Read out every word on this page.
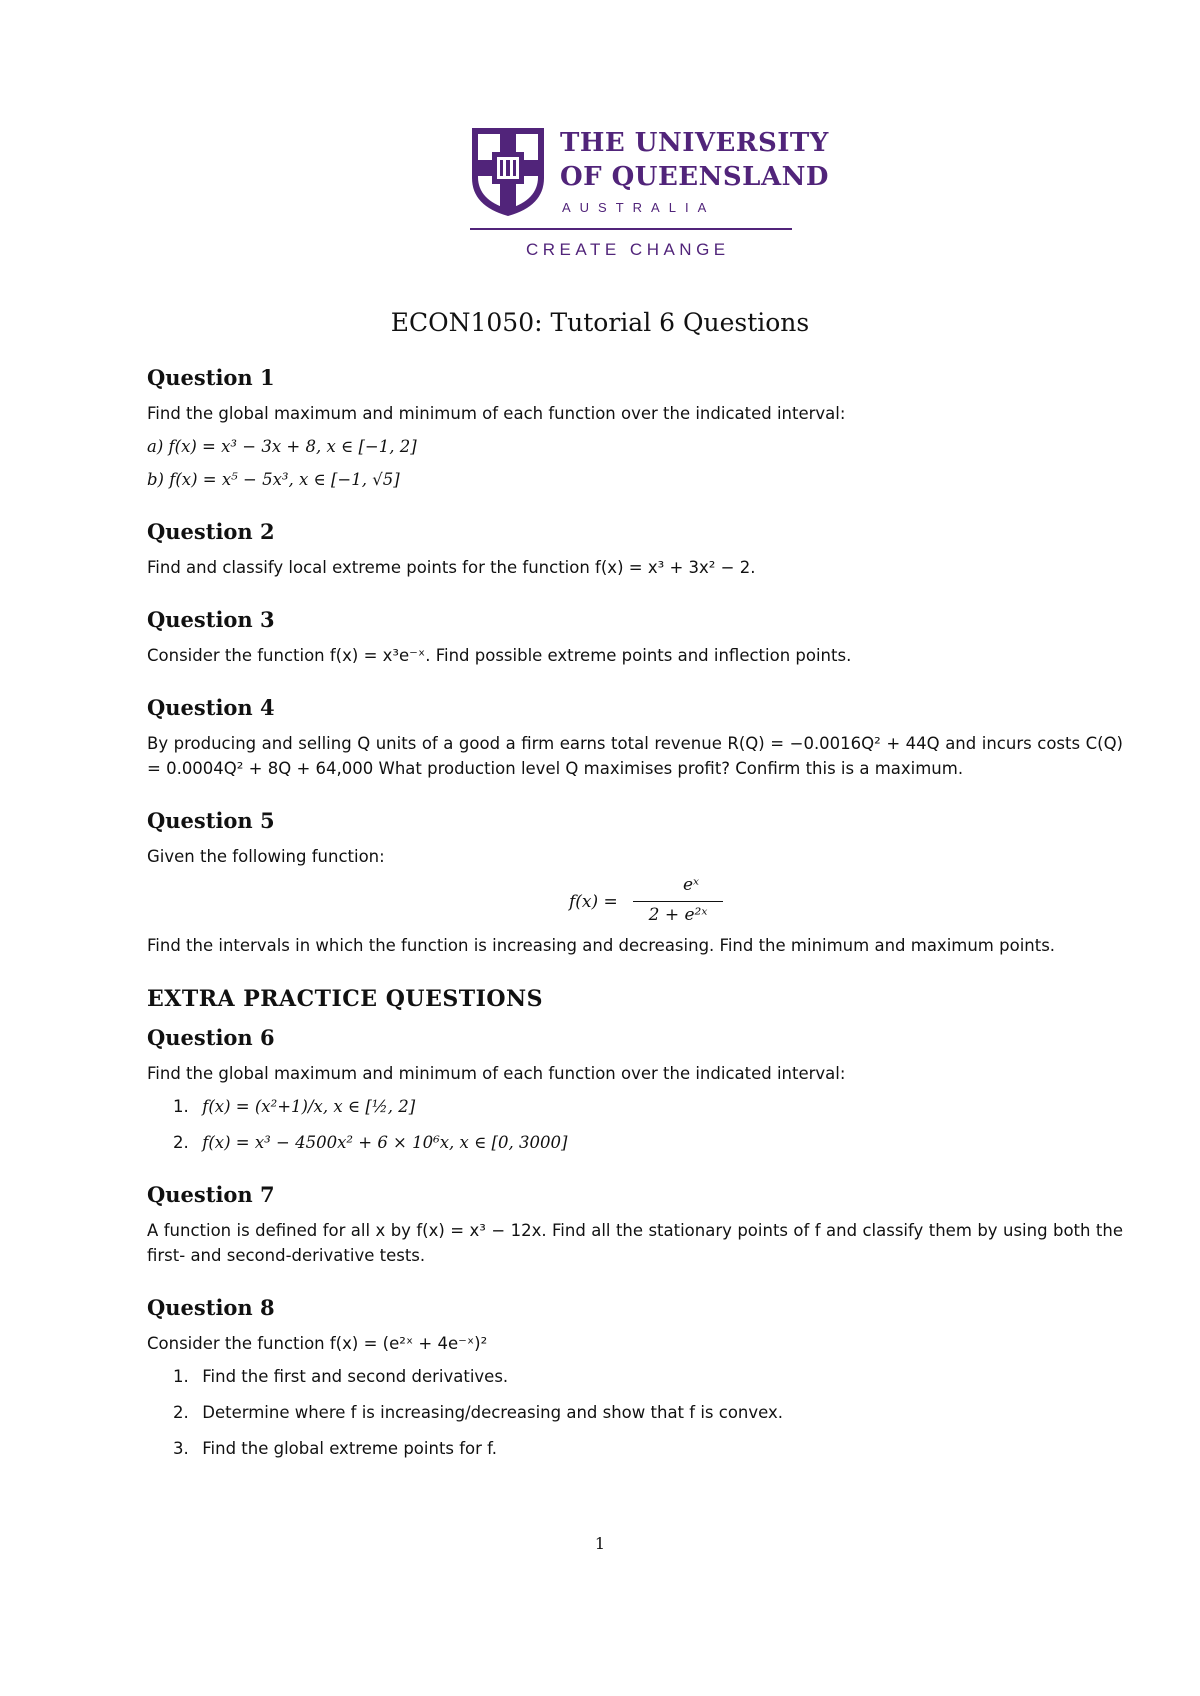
THE UNIVERSITY
OF QUEENSLAND
AUSTRALIA
CREATE CHANGE
ECON1050: Tutorial 6 Questions
Question 1
Find the global maximum and minimum of each function over the indicated interval:
a) f(x) = x³ − 3x + 8, x ∈ [−1, 2]
b) f(x) = x⁵ − 5x³, x ∈ [−1, √5]
Question 2
Find and classify local extreme points for the function f(x) = x³ + 3x² − 2.
Question 3
Consider the function f(x) = x³e⁻ˣ. Find possible extreme points and inflection points.
Question 4
By producing and selling Q units of a good a firm earns total revenue R(Q) = −0.0016Q² + 44Q and incurs costs C(Q) = 0.0004Q² + 8Q + 64,000 What production level Q maximises profit? Confirm this is a maximum.
Question 5
Given the following function:
f(x) =
eˣ
2 + e²ˣ
Find the intervals in which the function is increasing and decreasing. Find the minimum and maximum points.
EXTRA PRACTICE QUESTIONS
Question 6
Find the global maximum and minimum of each function over the indicated interval:
1. f(x) = (x²+1)/x, x ∈ [½, 2]
2. f(x) = x³ − 4500x² + 6 × 10⁶x, x ∈ [0, 3000]
Question 7
A function is defined for all x by f(x) = x³ − 12x. Find all the stationary points of f and classify them by using both the first- and second-derivative tests.
Question 8
Consider the function f(x) = (e²ˣ + 4e⁻ˣ)²
1. Find the first and second derivatives.
2. Determine where f is increasing/decreasing and show that f is convex.
3. Find the global extreme points for f.
1
